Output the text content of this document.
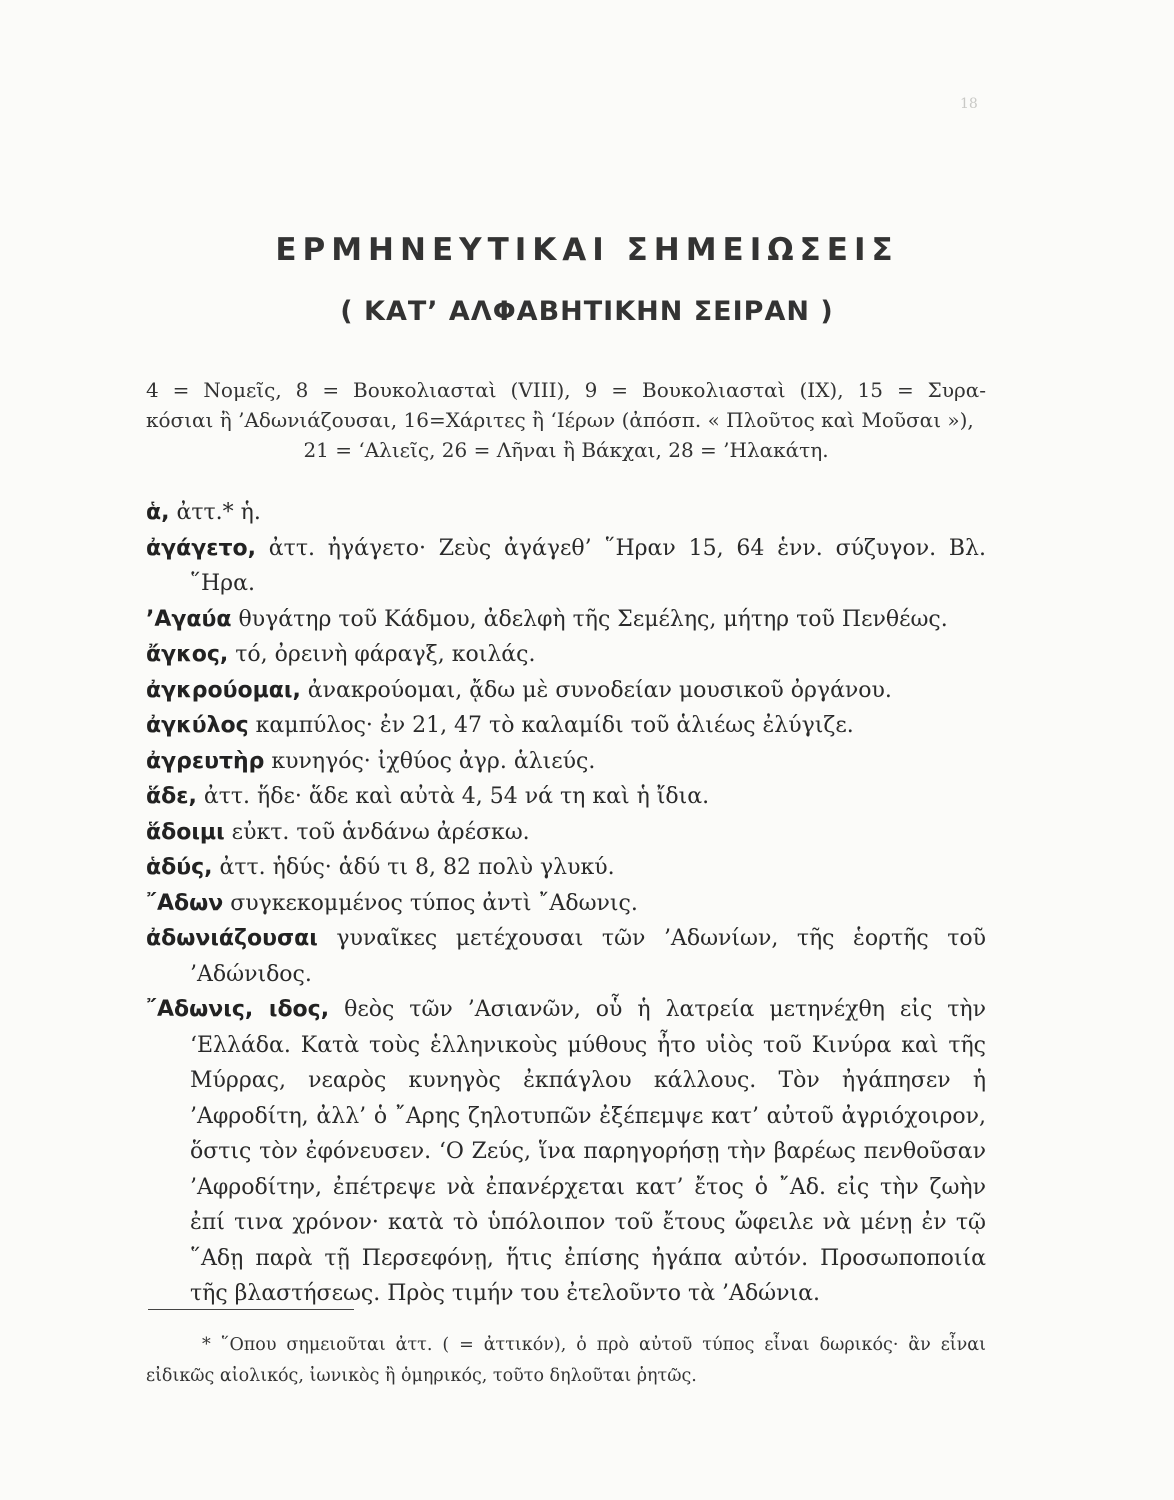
18
ΕΡΜΗΝΕΥΤΙΚΑΙ ΣΗΜΕΙΩΣΕΙΣ
( ΚΑΤ’ ΑΛΦΑΒΗΤΙΚΗΝ ΣΕΙΡΑΝ )

4 = Νομεῖς, 8 = Βουκολιασταὶ (VIII), 9 = Βουκολιασταὶ (IX), 15 = Συρα-

κόσιαι ἢ ’Αδωνιάζουσαι, 16=Χάριτες ἢ ‘Ιέρων (ἀπόσπ. « Πλοῦτος καὶ Μοῦσαι »),

21 = ‘Αλιεῖς, 26 = Λῆναι ἢ Βάκχαι, 28 = ’Ηλακάτη.

ἁ, ἀττ.* ἡ.

ἀγάγετο, ἀττ. ἠγάγετο· Ζεὺς ἀγάγεθ’ ῞Ηραν 15, 64 ἑνν. σύζυγον. Βλ. ῞Ηρα.

’Αγαύα θυγάτηρ τοῦ Κάδμου, ἀδελφὴ τῆς Σεμέλης, μήτηρ τοῦ Πενθέως.

ἄγκος, τό, ὀρεινὴ φάραγξ, κοιλάς.

ἀγκρούομαι, ἀνακρούομαι, ᾄδω μὲ συνοδείαν μουσικοῦ ὀργάνου.

ἀγκύλος καμπύλος· ἐν 21, 47 τὸ καλαμίδι τοῦ ἁλιέως ἐλύγιζε.

ἀγρευτὴρ κυνηγός· ἰχθύος ἀγρ. ἁλιεύς.

ἅδε, ἀττ. ἥδε· ἅδε καὶ αὐτὰ 4, 54 νά τη καὶ ἡ ἴδια.

ἅδοιμι εὐκτ. τοῦ ἁνδάνω ἀρέσκω.

ἁδύς, ἀττ. ἡδύς· ἁδύ τι 8, 82 πολὺ γλυκύ.

῎Αδων συγκεκομμένος τύπος ἀντὶ ῎Αδωνις.

ἀδωνιάζουσαι γυναῖκες μετέχουσαι τῶν ’Αδωνίων, τῆς ἑορτῆς τοῦ ’Αδώνιδος.

῎Αδωνις, ιδος, θεὸς τῶν ’Ασιανῶν, οὗ ἡ λατρεία μετηνέχθη εἰς τὴν ‘Ελλάδα. Κατὰ τοὺς ἑλληνικοὺς μύθους ἦτο υἱὸς τοῦ Κινύρα καὶ τῆς Μύρρας, νεαρὸς κυνηγὸς ἐκπάγλου κάλλους. Τὸν ἠγάπησεν ἡ ’Αφροδίτη, ἀλλ’ ὁ ῎Αρης ζηλοτυπῶν ἐξέπεμψε κατ’ αὐτοῦ ἀγριόχοιρον, ὅστις τὸν ἐφόνευσεν. ‘Ο Ζεύς, ἵνα παρηγορήσῃ τὴν βαρέως πενθοῦσαν ’Αφροδίτην, ἐπέτρεψε νὰ ἐπανέρχεται κατ’ ἔτος ὁ ῎Αδ. εἰς τὴν ζωὴν ἐπί τινα χρόνον· κατὰ τὸ ὑπόλοιπον τοῦ ἔτους ὤφειλε νὰ μένῃ ἐν τῷ ῞Αδῃ παρὰ τῇ Περσεφόνῃ, ἥτις ἐπίσης ἠγάπα αὐτόν. Προσωποποιία τῆς βλαστήσεως. Πρὸς τιμήν του ἐτελοῦντο τὰ ’Αδώνια.

* ῞Οπου σημειοῦται ἀττ. ( = ἀττικόν), ὁ πρὸ αὐτοῦ τύπος εἶναι δωρικός· ἂν εἶναι εἰδικῶς αἰολικός, ἰωνικὸς ἢ ὁμηρικός, τοῦτο δηλοῦται ῥητῶς.
